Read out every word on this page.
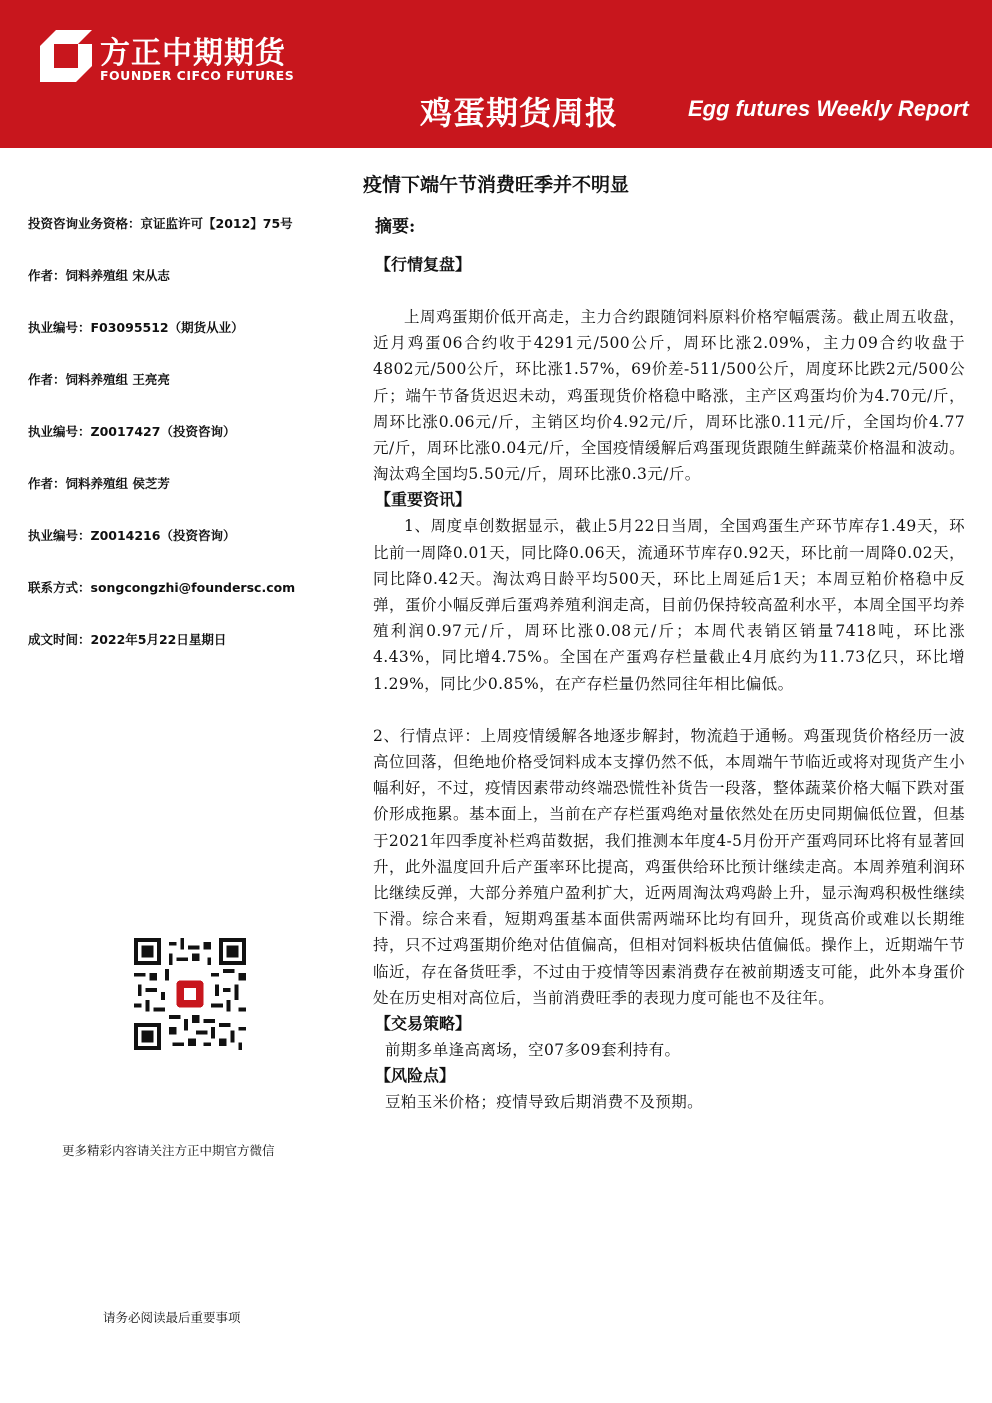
方正中期期货
FOUNDER CIFCO FUTURES
鸡蛋期货周报	Egg futures Weekly Report
疫情下端午节消费旺季并不明显
投资咨询业务资格：京证监许可【2012】75号
作者：饲料养殖组 宋从志
执业编号：F03095512（期货从业）
作者：饲料养殖组 王亮亮
执业编号：Z0017427（投资咨询）
作者：饲料养殖组 侯芝芳
执业编号：Z0014216（投资咨询）
联系方式：songcongzhi@foundersc.com
成文时间：2022年5月22日星期日
更多精彩内容请关注方正中期官方微信
请务必阅读最后重要事项
摘要:
【行情复盘】

上周鸡蛋期价低开高走，主力合约跟随饲料原料价格窄幅震荡。截止周五收盘，近月鸡蛋06合约收于4291元/500公斤，周环比涨2.09%，主力09合约收盘于4802元/500公斤，环比涨1.57%，69价差-511/500公斤，周度环比跌2元/500公斤；端午节备货迟迟未动，鸡蛋现货价格稳中略涨，主产区鸡蛋均价为4.70元/斤，周环比涨0.06元/斤，主销区均价4.92元/斤，周环比涨0.11元/斤，全国均价4.77元/斤，周环比涨0.04元/斤，全国疫情缓解后鸡蛋现货跟随生鲜蔬菜价格温和波动。淘汰鸡全国均5.50元/斤，周环比涨0.3元/斤。

【重要资讯】

1、周度卓创数据显示，截止5月22日当周，全国鸡蛋生产环节库存1.49天，环比前一周降0.01天，同比降0.06天，流通环节库存0.92天，环比前一周降0.02天，同比降0.42天。淘汰鸡日龄平均500天，环比上周延后1天；本周豆粕价格稳中反弹，蛋价小幅反弹后蛋鸡养殖利润走高，目前仍保持较高盈利水平，本周全国平均养殖利润0.97元/斤，周环比涨0.08元/斤；本周代表销区销量7418吨，环比涨4.43%，同比增4.75%。全国在产蛋鸡存栏量截止4月底约为11.73亿只，环比增1.29%，同比少0.85%，在产存栏量仍然同往年相比偏低。

2、行情点评：上周疫情缓解各地逐步解封，物流趋于通畅。鸡蛋现货价格经历一波高位回落，但绝地价格受饲料成本支撑仍然不低，本周端午节临近或将对现货产生小幅利好，不过，疫情因素带动终端恐慌性补货告一段落，整体蔬菜价格大幅下跌对蛋价形成拖累。基本面上，当前在产存栏蛋鸡绝对量依然处在历史同期偏低位置，但基于2021年四季度补栏鸡苗数据，我们推测本年度4-5月份开产蛋鸡同环比将有显著回升，此外温度回升后产蛋率环比提高，鸡蛋供给环比预计继续走高。本周养殖利润环比继续反弹，大部分养殖户盈利扩大，近两周淘汰鸡鸡龄上升，显示淘鸡积极性继续下滑。综合来看，短期鸡蛋基本面供需两端环比均有回升，现货高价或难以长期维持，只不过鸡蛋期价绝对估值偏高，但相对饲料板块估值偏低。操作上，近期端午节临近，存在备货旺季，不过由于疫情等因素消费存在被前期透支可能，此外本身蛋价处在历史相对高位后，当前消费旺季的表现力度可能也不及往年。

【交易策略】

前期多单逢高离场，空07多09套利持有。

【风险点】

豆粕玉米价格；疫情导致后期消费不及预期。
